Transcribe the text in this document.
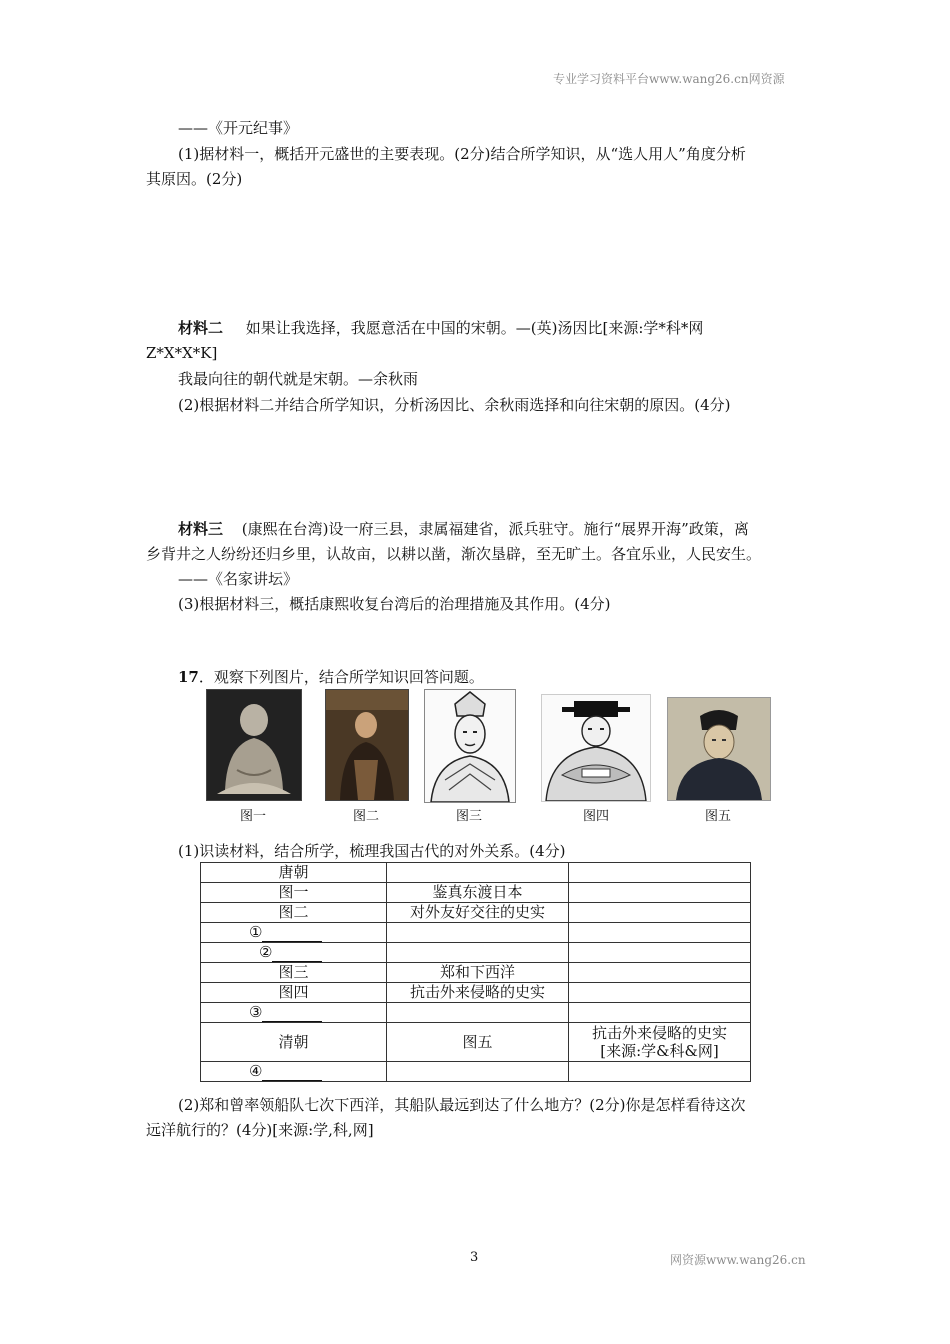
专业学习资料平台www.wang26.cn网资源
——《开元纪事》
(1)据材料一，概括开元盛世的主要表现。(2分)结合所学知识，从“选人用人”角度分析
其原因。(2分)
材料二 如果让我选择，我愿意活在中国的宋朝。—(英)汤因比[来源:学*科*网
Z*X*X*K]
我最向往的朝代就是宋朝。—余秋雨
(2)根据材料二并结合所学知识，分析汤因比、余秋雨选择和向往宋朝的原因。(4分)
材料三 (康熙在台湾)设一府三县，隶属福建省，派兵驻守。施行“展界开海”政策，离
乡背井之人纷纷还归乡里，认故亩，以耕以凿，渐次垦辟，至无旷土。各宜乐业，人民安生。
——《名家讲坛》
(3)根据材料三，概括康熙收复台湾后的治理措施及其作用。(4分)
17．观察下列图片，结合所学知识回答问题。
图一	图二	图三	图四	图五
(1)识读材料，结合所学，梳理我国古代的对外关系。(4分)
唐朝		
图一	鉴真东渡日本	
图二	对外友好交往的史实	
①		
②		
图三	郑和下西洋	
图四	抗击外来侵略的史实	
③		
清朝	图五	抗击外来侵略的史实
[来源:学&科&网]

④		
(2)郑和曾率领船队七次下西洋，其船队最远到达了什么地方？(2分)你是怎样看待这次
远洋航行的？(4分)[来源:学,科,网]
3	网资源www.wang26.cn
